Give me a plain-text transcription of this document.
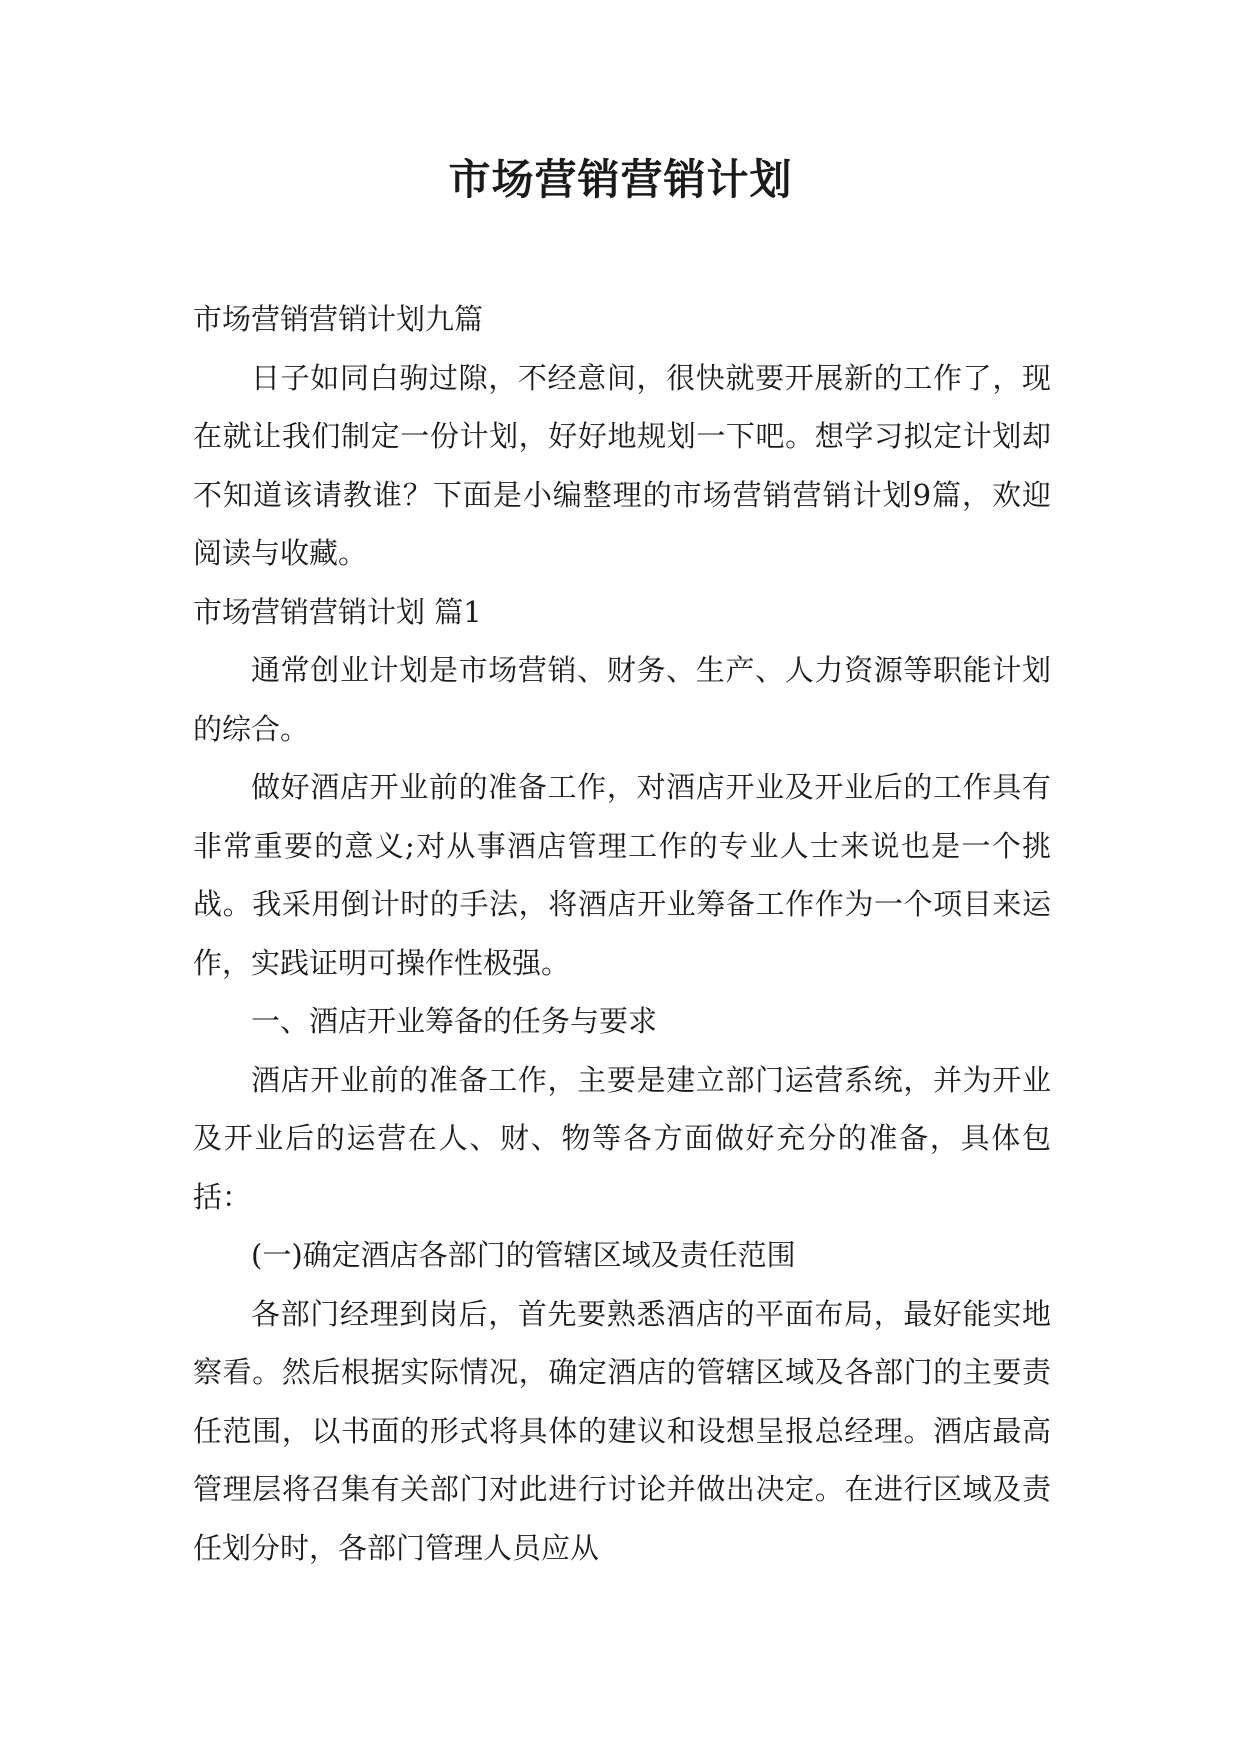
市场营销营销计划

市场营销营销计划九篇

日子如同白驹过隙，不经意间，很快就要开展新的工作了，现在就让我们制定一份计划，好好地规划一下吧。想学习拟定计划却不知道该请教谁？下面是小编整理的市场营销营销计划9篇，欢迎阅读与收藏。

市场营销营销计划 篇1

通常创业计划是市场营销、财务、生产、人力资源等职能计划的综合。

做好酒店开业前的准备工作，对酒店开业及开业后的工作具有非常重要的意义;对从事酒店管理工作的专业人士来说也是一个挑战。我采用倒计时的手法，将酒店开业筹备工作作为一个项目来运作，实践证明可操作性极强。

一、酒店开业筹备的任务与要求

酒店开业前的准备工作，主要是建立部门运营系统，并为开业及开业后的运营在人、财、物等各方面做好充分的准备，具体包括：

(一)确定酒店各部门的管辖区域及责任范围

各部门经理到岗后，首先要熟悉酒店的平面布局，最好能实地察看。然后根据实际情况，确定酒店的管辖区域及各部门的主要责任范围，以书面的形式将具体的建议和设想呈报总经理。酒店最高管理层将召集有关部门对此进行讨论并做出决定。在进行区域及责任划分时，各部门管理人员应从
